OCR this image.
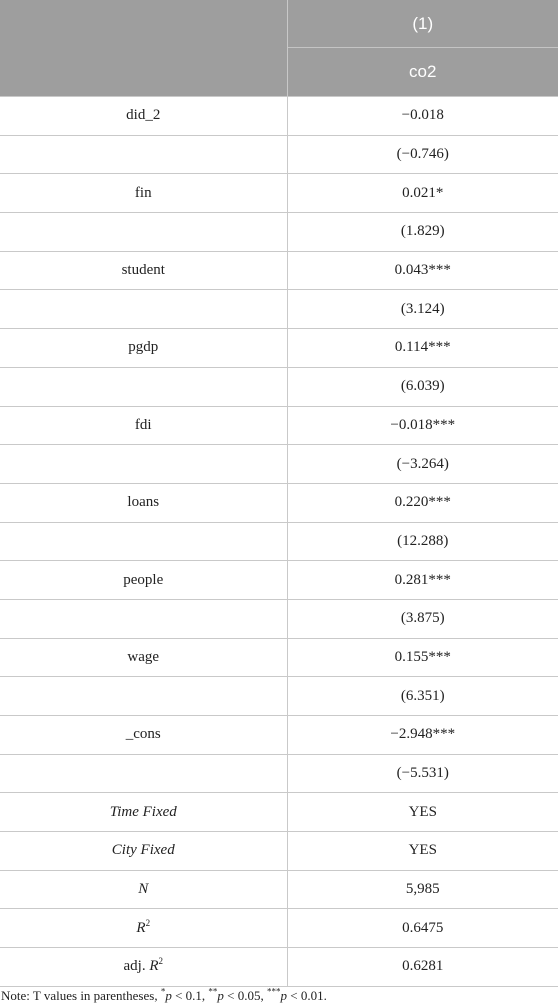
	(1)
	co2
did_2	−0.018
	(−0.746)
fin	0.021*
	(1.829)
student	0.043***
	(3.124)
pgdp	0.114***
	(6.039)
fdi	−0.018***
	(−3.264)
loans	0.220***
	(12.288)
people	0.281***
	(3.875)
wage	0.155***
	(6.351)
_cons	−2.948***
	(−5.531)
Time Fixed	YES
City Fixed	YES
N	5,985
$R^2$	0.6475
adj. $R^2$	0.6281
Note: T values in parentheses, *p < 0.1, **p < 0.05, ***p < 0.01.
